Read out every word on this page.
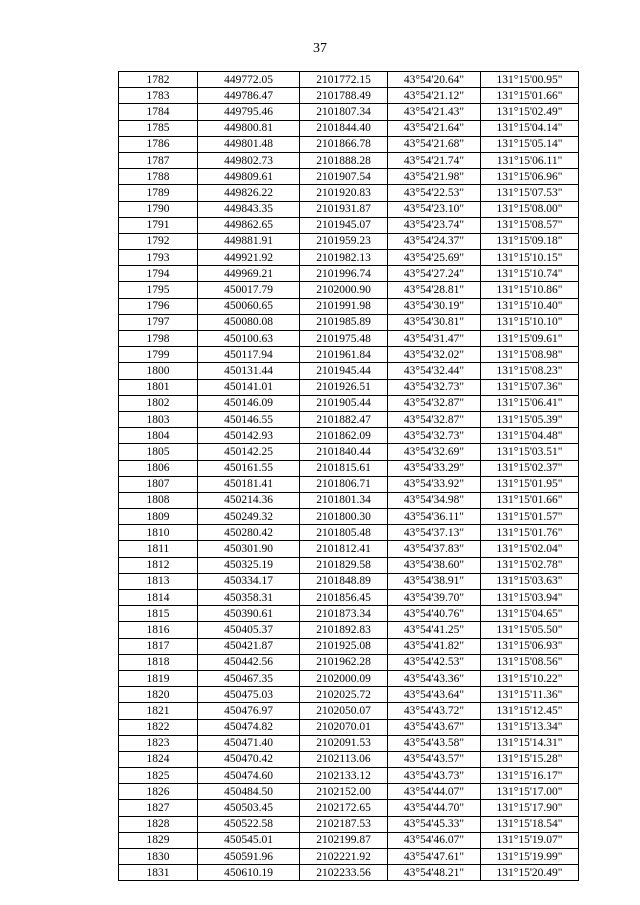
37
1782	449772.05	2101772.15	43°54'20.64"	131°15'00.95"
1783	449786.47	2101788.49	43°54'21.12"	131°15'01.66"
1784	449795.46	2101807.34	43°54'21.43"	131°15'02.49"
1785	449800.81	2101844.40	43°54'21.64"	131°15'04.14"
1786	449801.48	2101866.78	43°54'21.68"	131°15'05.14"
1787	449802.73	2101888.28	43°54'21.74"	131°15'06.11"
1788	449809.61	2101907.54	43°54'21.98"	131°15'06.96"
1789	449826.22	2101920.83	43°54'22.53"	131°15'07.53"
1790	449843.35	2101931.87	43°54'23.10"	131°15'08.00"
1791	449862.65	2101945.07	43°54'23.74"	131°15'08.57"
1792	449881.91	2101959.23	43°54'24.37"	131°15'09.18"
1793	449921.92	2101982.13	43°54'25.69"	131°15'10.15"
1794	449969.21	2101996.74	43°54'27.24"	131°15'10.74"
1795	450017.79	2102000.90	43°54'28.81"	131°15'10.86"
1796	450060.65	2101991.98	43°54'30.19"	131°15'10.40"
1797	450080.08	2101985.89	43°54'30.81"	131°15'10.10"
1798	450100.63	2101975.48	43°54'31.47"	131°15'09.61"
1799	450117.94	2101961.84	43°54'32.02"	131°15'08.98"
1800	450131.44	2101945.44	43°54'32.44"	131°15'08.23"
1801	450141.01	2101926.51	43°54'32.73"	131°15'07.36"
1802	450146.09	2101905.44	43°54'32.87"	131°15'06.41"
1803	450146.55	2101882.47	43°54'32.87"	131°15'05.39"
1804	450142.93	2101862.09	43°54'32.73"	131°15'04.48"
1805	450142.25	2101840.44	43°54'32.69"	131°15'03.51"
1806	450161.55	2101815.61	43°54'33.29"	131°15'02.37"
1807	450181.41	2101806.71	43°54'33.92"	131°15'01.95"
1808	450214.36	2101801.34	43°54'34.98"	131°15'01.66"
1809	450249.32	2101800.30	43°54'36.11"	131°15'01.57"
1810	450280.42	2101805.48	43°54'37.13"	131°15'01.76"
1811	450301.90	2101812.41	43°54'37.83"	131°15'02.04"
1812	450325.19	2101829.58	43°54'38.60"	131°15'02.78"
1813	450334.17	2101848.89	43°54'38.91"	131°15'03.63"
1814	450358.31	2101856.45	43°54'39.70"	131°15'03.94"
1815	450390.61	2101873.34	43°54'40.76"	131°15'04.65"
1816	450405.37	2101892.83	43°54'41.25"	131°15'05.50"
1817	450421.87	2101925.08	43°54'41.82"	131°15'06.93"
1818	450442.56	2101962.28	43°54'42.53"	131°15'08.56"
1819	450467.35	2102000.09	43°54'43.36"	131°15'10.22"
1820	450475.03	2102025.72	43°54'43.64"	131°15'11.36"
1821	450476.97	2102050.07	43°54'43.72"	131°15'12.45"
1822	450474.82	2102070.01	43°54'43.67"	131°15'13.34"
1823	450471.40	2102091.53	43°54'43.58"	131°15'14.31"
1824	450470.42	2102113.06	43°54'43.57"	131°15'15.28"
1825	450474.60	2102133.12	43°54'43.73"	131°15'16.17"
1826	450484.50	2102152.00	43°54'44.07"	131°15'17.00"
1827	450503.45	2102172.65	43°54'44.70"	131°15'17.90"
1828	450522.58	2102187.53	43°54'45.33"	131°15'18.54"
1829	450545.01	2102199.87	43°54'46.07"	131°15'19.07"
1830	450591.96	2102221.92	43°54'47.61"	131°15'19.99"
1831	450610.19	2102233.56	43°54'48.21"	131°15'20.49"
